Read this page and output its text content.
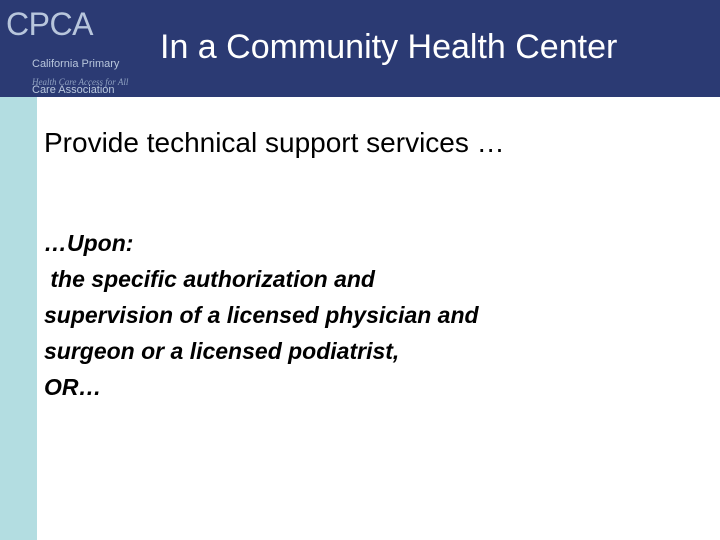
CPCA

California Primary

Care Association

Health Care Access for All
In a Community Health Center
Provide technical support services …
…Upon:
the specific authorization and
supervision of a licensed physician and
surgeon or a licensed podiatrist,
OR…
